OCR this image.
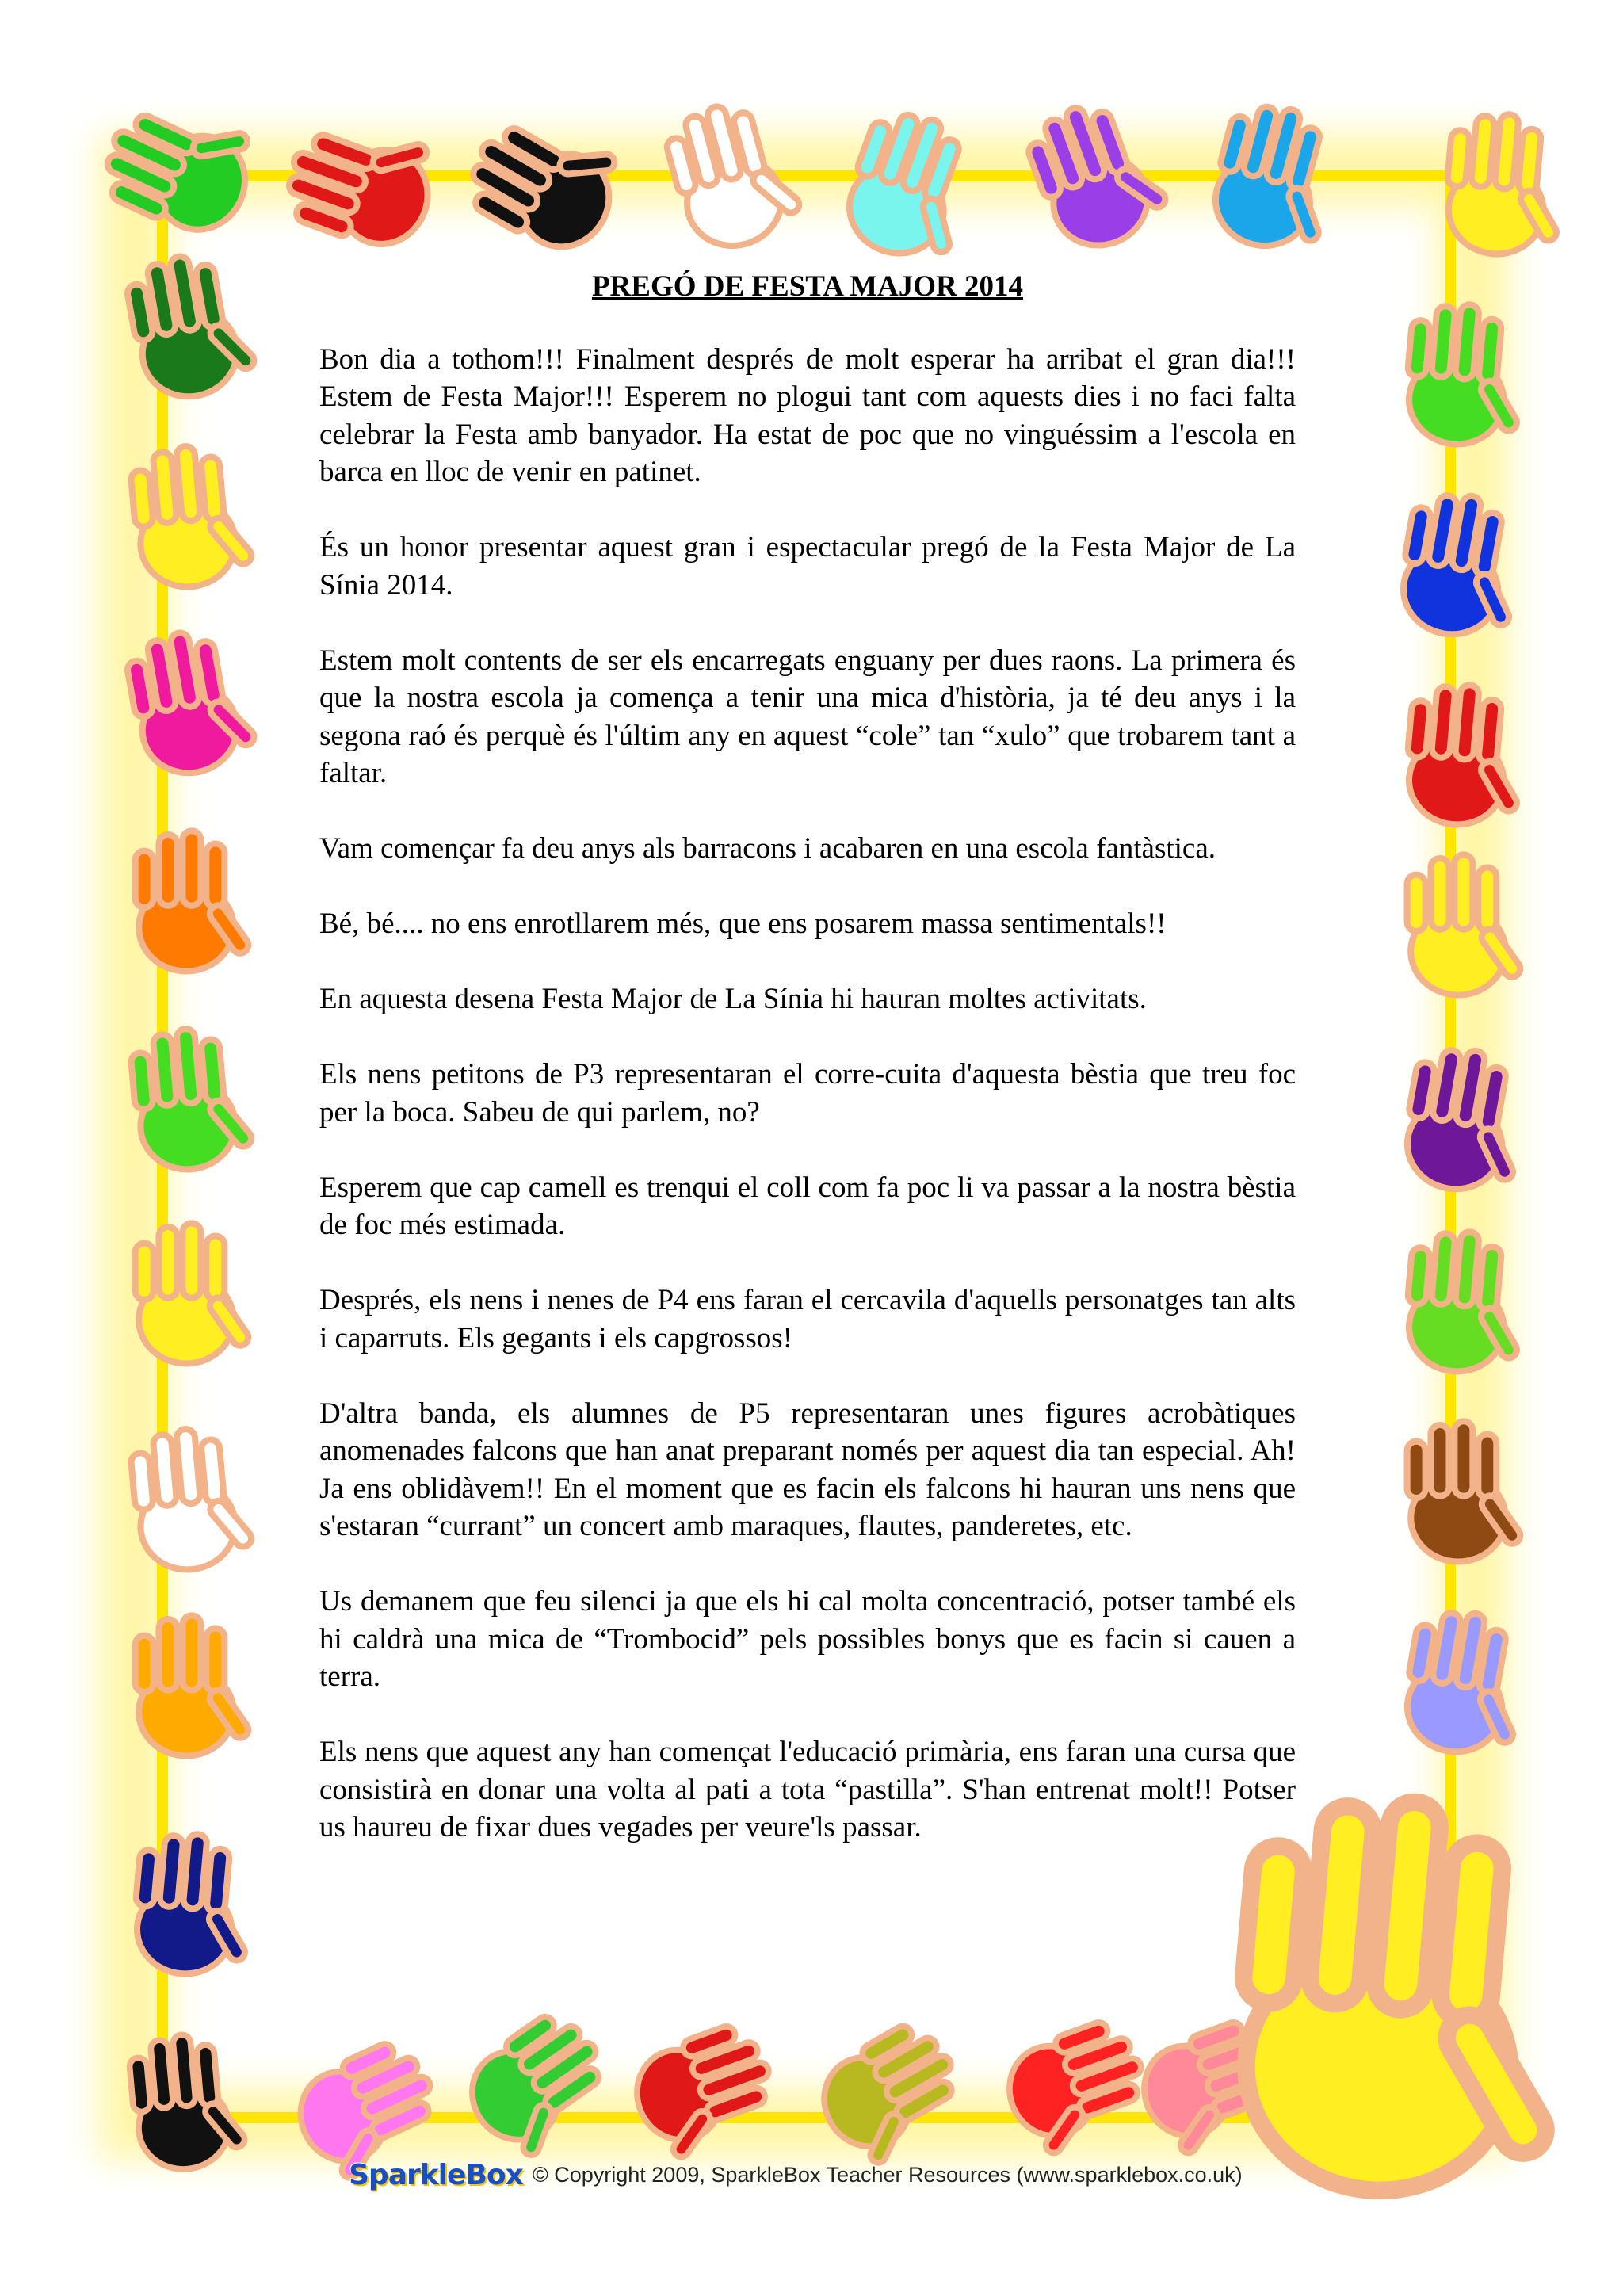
PREGÓ DE FESTA MAJOR 2014

Bon dia a tothom!!! Finalment després de molt esperar ha arribat el gran dia!!! Estem de Festa Major!!! Esperem no plogui tant com aquests dies i no faci falta celebrar la Festa amb banyador. Ha estat de poc que no vinguéssim a l'escola en barca en lloc de venir en patinet.

És un honor presentar aquest gran i espectacular pregó de la Festa Major de La Sínia 2014.

Estem molt contents de ser els encarregats enguany per dues raons. La primera és que la nostra escola ja comença a tenir una mica d'història, ja té deu anys i la segona raó és perquè és l'últim any en aquest “cole” tan “xulo” que trobarem tant a faltar.

Vam començar fa deu anys als barracons i acabaren en una escola fantàstica.

Bé, bé.... no ens enrotllarem més, que ens posarem massa sentimentals!!

En aquesta desena Festa Major de La Sínia hi hauran moltes activitats.

Els nens petitons de P3 representaran el corre-cuita d'aquesta bèstia que treu foc per la boca. Sabeu de qui parlem, no?

Esperem que cap camell es trenqui el coll com fa poc li va passar a la nostra bèstia de foc més estimada.

Després, els nens i nenes de P4 ens faran el cercavila d'aquells personatges tan alts i caparruts. Els gegants i els capgrossos!

D'altra banda, els alumnes de P5 representaran unes figures acrobàtiques anomenades falcons que han anat preparant només per aquest dia tan especial. Ah! Ja ens oblidàvem!! En el moment que es facin els falcons hi hauran uns nens que s'estaran “currant” un concert amb maraques, flautes, panderetes, etc.

Us demanem que feu silenci ja que els hi cal molta concentració, potser també els hi caldrà una mica de “Trombocid” pels possibles bonys que es facin si cauen a terra.

Els nens que aquest any han començat l'educació primària, ens faran una cursa que consistirà en donar una volta al pati a tota “pastilla”. S'han entrenat molt!! Potser us haureu de fixar dues vegades per veure'ls passar.

SparkleBox © Copyright 2009, SparkleBox Teacher Resources (www.sparklebox.co.uk)
